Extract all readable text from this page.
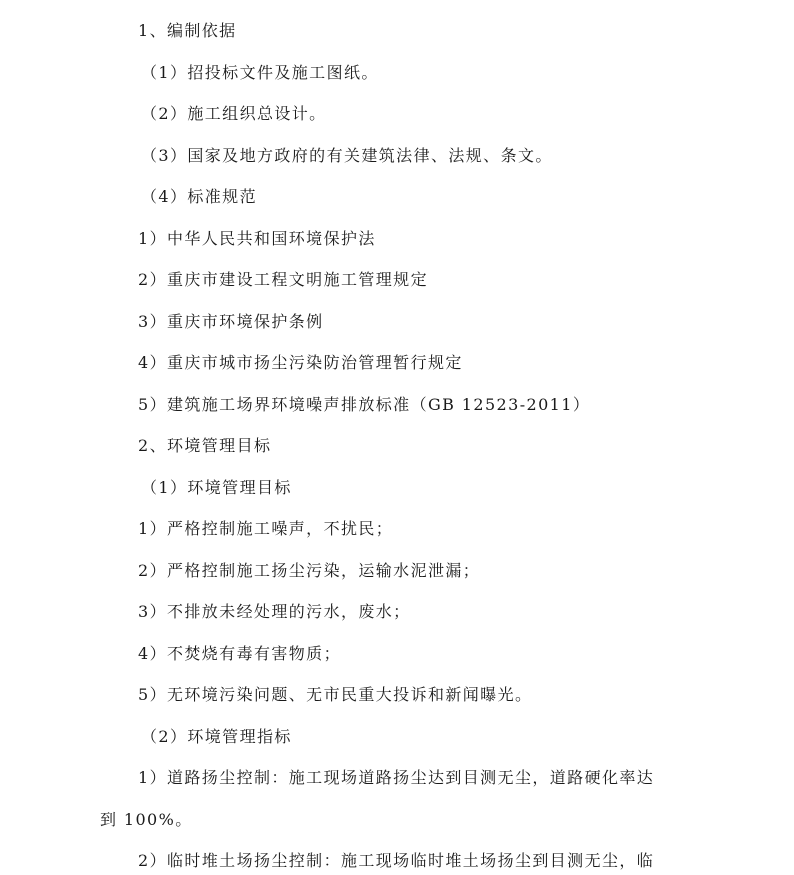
1、编制依据
（1）招投标文件及施工图纸。
（2）施工组织总设计。
（3）国家及地方政府的有关建筑法律、法规、条文。
（4）标准规范
1）中华人民共和国环境保护法
2）重庆市建设工程文明施工管理规定
3）重庆市环境保护条例
4）重庆市城市扬尘污染防治管理暂行规定
5）建筑施工场界环境噪声排放标准（GB 12523-2011）
2、环境管理目标
（1）环境管理目标
1）严格控制施工噪声，不扰民；
2）严格控制施工扬尘污染，运输水泥泄漏；
3）不排放未经处理的污水，废水；
4）不焚烧有毒有害物质；
5）无环境污染问题、无市民重大投诉和新闻曝光。
（2）环境管理指标
1）道路扬尘控制：施工现场道路扬尘达到目测无尘，道路硬化率达
到 100%。
2）临时堆土场扬尘控制：施工现场临时堆土场扬尘到目测无尘，临
